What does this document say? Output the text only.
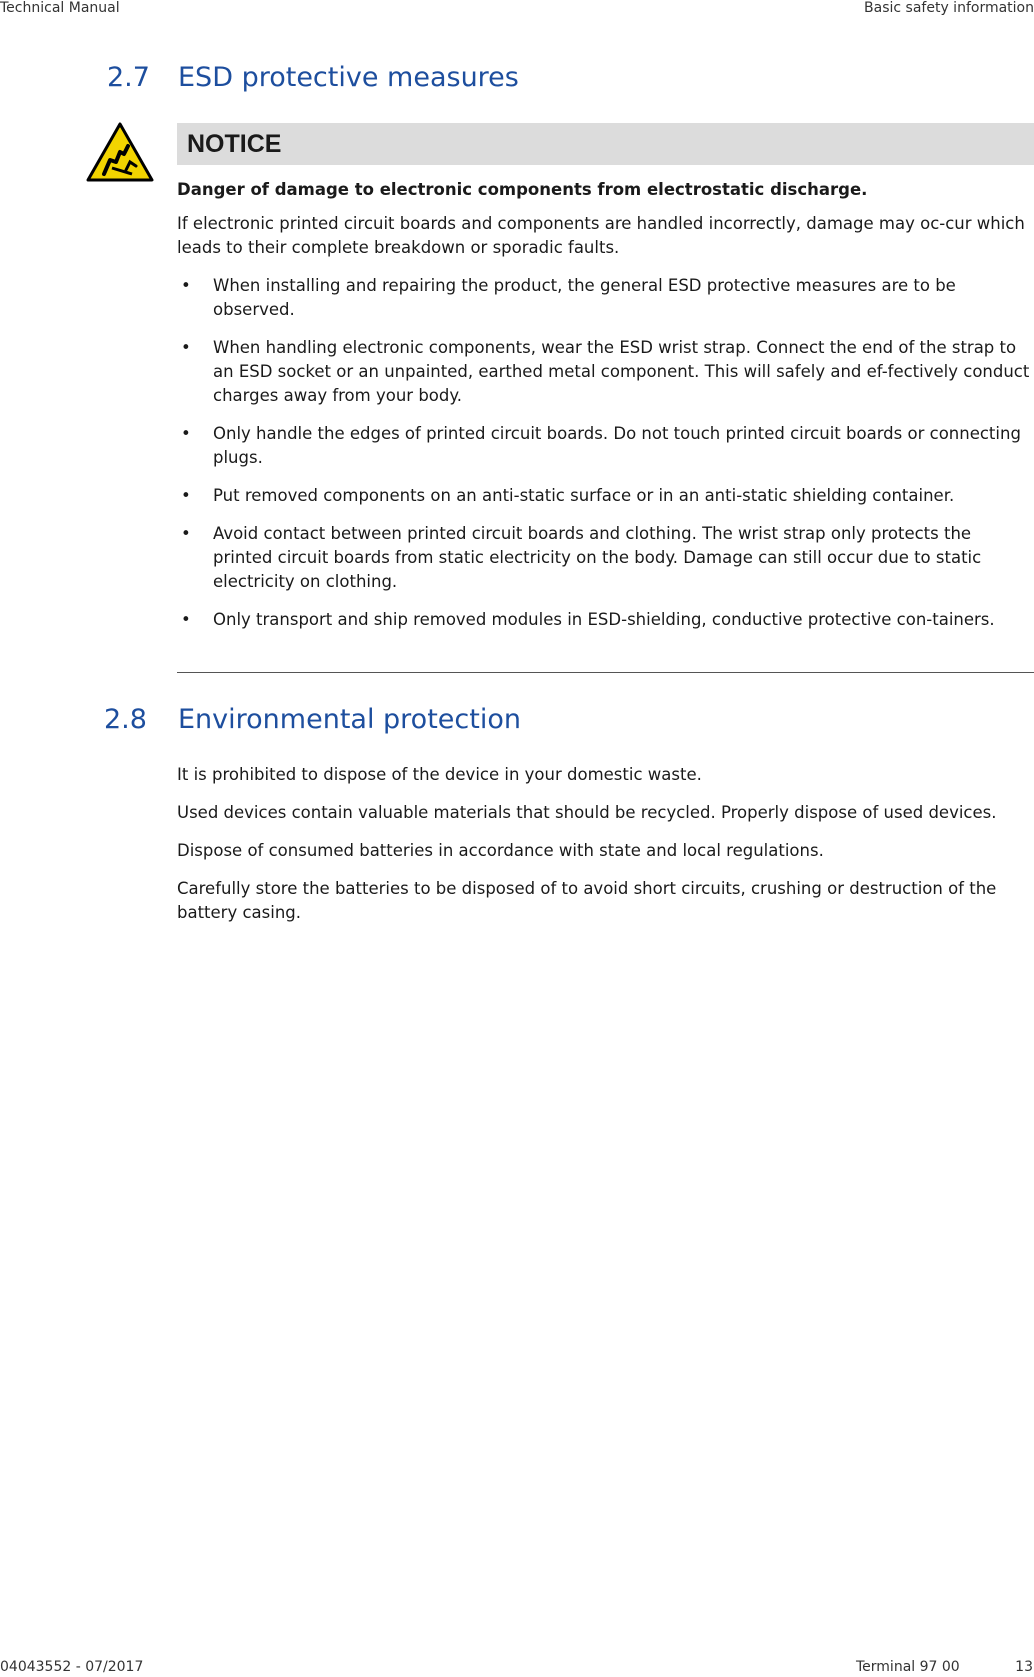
Technical Manual	Basic safety information
2.7 ESD protective measures
NOTICE

Danger of damage to electronic components from electrostatic discharge.

If electronic printed circuit boards and components are handled incorrectly, damage may oc-cur which leads to their complete breakdown or sporadic faults.

• When installing and repairing the product, the general ESD protective measures are to be observed.
• When handling electronic components, wear the ESD wrist strap. Connect the end of the strap to an ESD socket or an unpainted, earthed metal component. This will safely and ef-fectively conduct charges away from your body.
• Only handle the edges of printed circuit boards. Do not touch printed circuit boards or connecting plugs.
• Put removed components on an anti-static surface or in an anti-static shielding container.
• Avoid contact between printed circuit boards and clothing. The wrist strap only protects the printed circuit boards from static electricity on the body. Damage can still occur due to static electricity on clothing.
• Only transport and ship removed modules in ESD-shielding, conductive protective con-tainers.
2.8 Environmental protection

It is prohibited to dispose of the device in your domestic waste.

Used devices contain valuable materials that should be recycled. Properly dispose of used devices.

Dispose of consumed batteries in accordance with state and local regulations.

Carefully store the batteries to be disposed of to avoid short circuits, crushing or destruction of the battery casing.

04043552 - 07/2017	Terminal 97 00	13
